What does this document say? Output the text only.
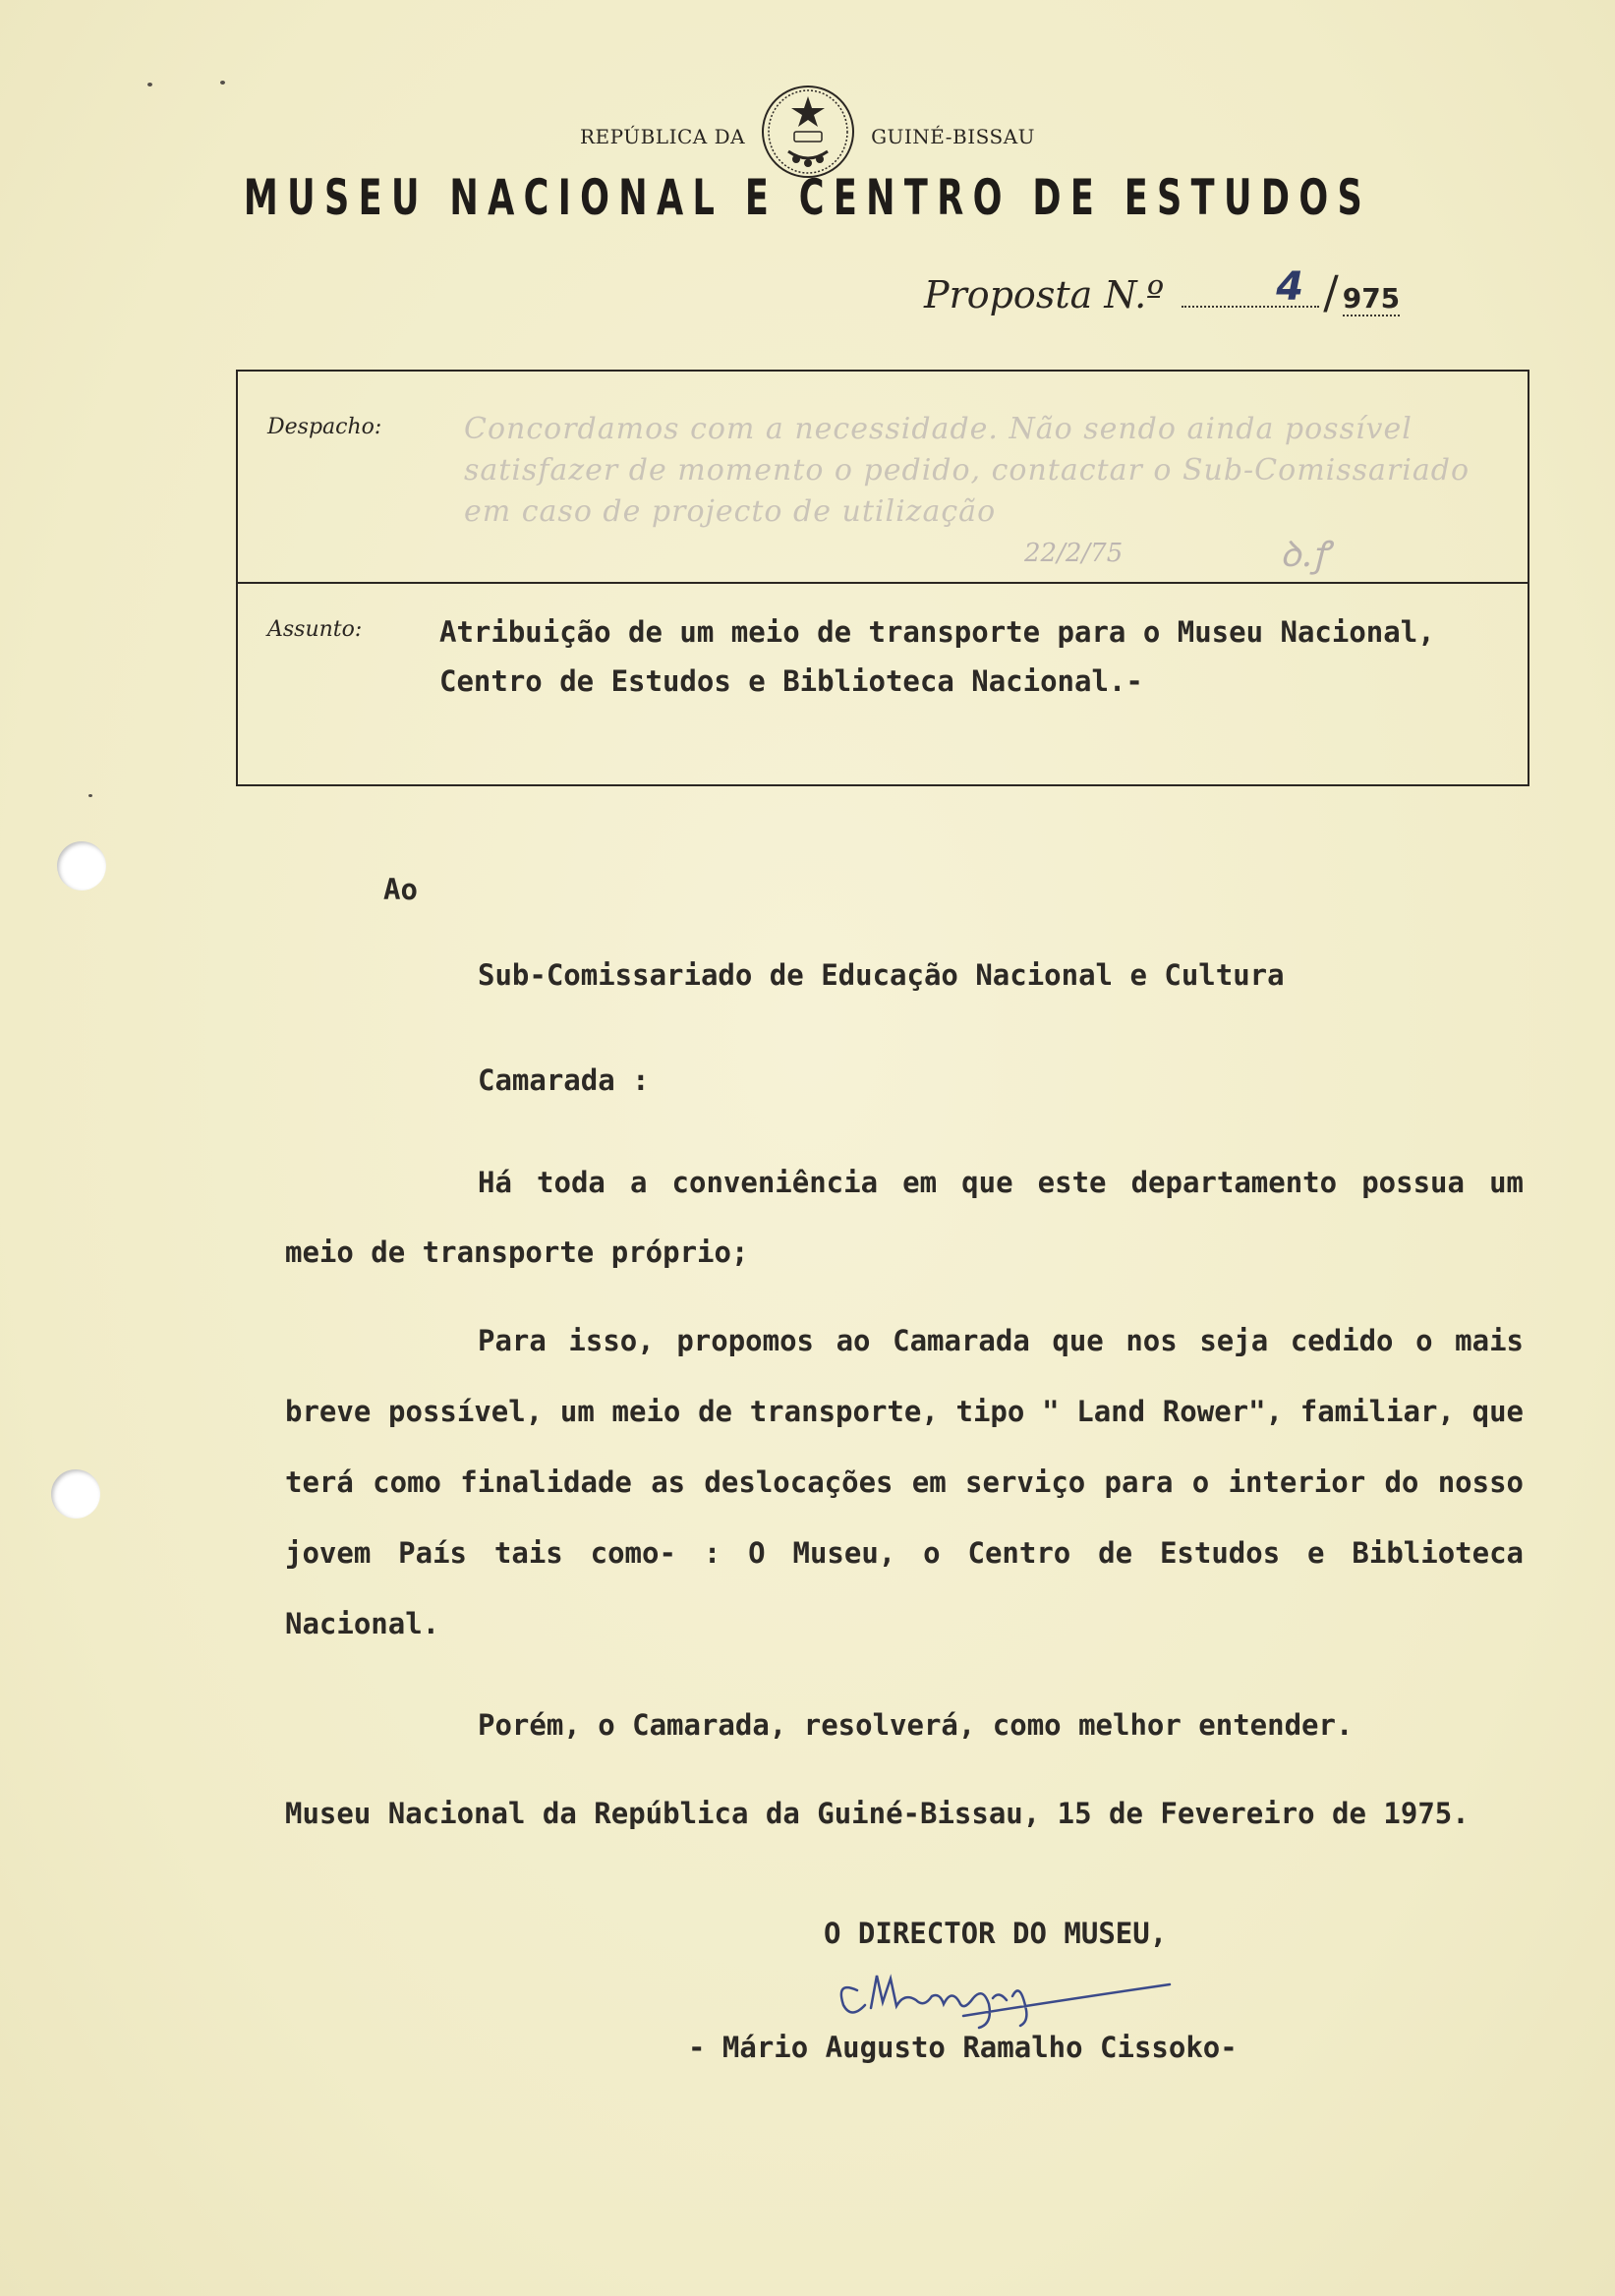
REPÚBLICA DA	GUINÉ-BISSAU
MUSEU NACIONAL E CENTRO DE ESTUDOS
Proposta N.º	4 / 975
Despacho:	Concordamos com a necessidade. Não sendo ainda possível satisfazer de momento o pedido, contactar o Sub-Comissariado em caso de projecto de utilização
22/2/75	ꝺ.ꝭ
Assunto:	Atribuição de um meio de transporte para o Museu Nacional, Centro de Estudos e Biblioteca Nacional.-
Ao
Sub-Comissariado de Educação Nacional e Cultura
Camarada :
Há toda a conveniência em que este departamento possua um meio de transporte próprio;
Para isso, propomos ao Camarada que nos seja cedido o mais breve possível, um meio de transporte, tipo " Land Rower", familiar, que terá como finalidade as deslocações em serviço para o interior do nosso jovem País tais como- : O Museu, o Centro de Estudos e Biblioteca Nacional.
Porém, o Camarada, resolverá, como melhor entender.
Museu Nacional da República da Guiné-Bissau, 15 de Fevereiro de 1975.
O DIRECTOR DO MUSEU,
- Mário Augusto Ramalho Cissoko-
